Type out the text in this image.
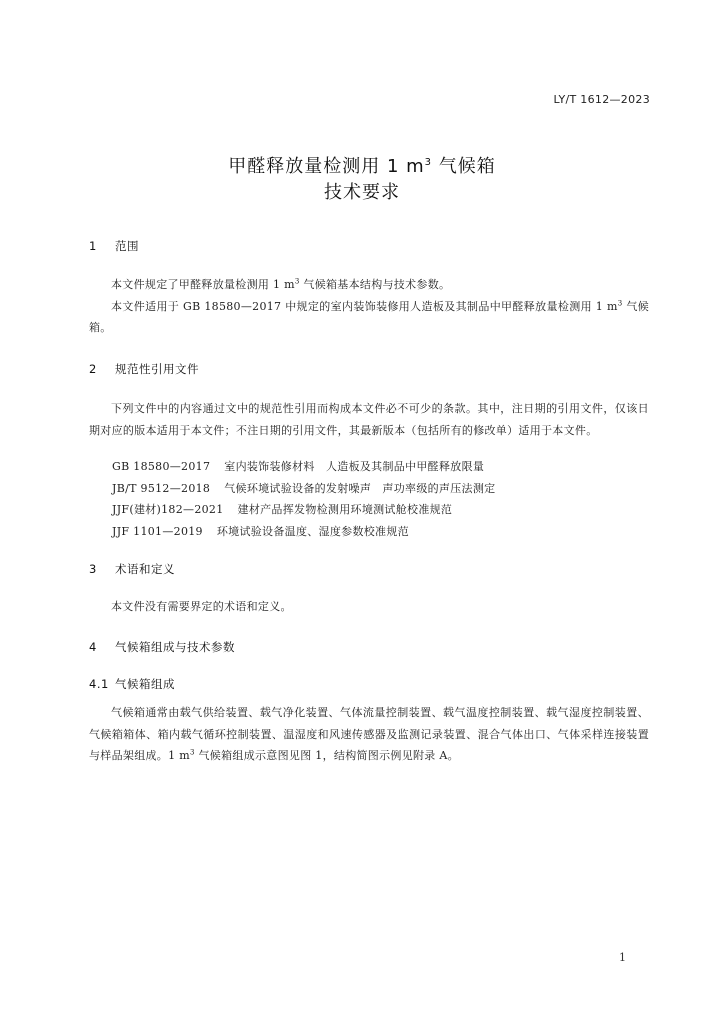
LY/T 1612—2023
甲醛释放量检测用 1 $m^3$ 气候箱
技术要求
1 范围

本文件规定了甲醛释放量检测用 1 $m^3$ 气候箱基本结构与技术参数。

本文件适用于 GB 18580—2017 中规定的室内装饰装修用人造板及其制品中甲醛释放量检测用 1 $m^3$ 气候箱。

2 规范性引用文件

下列文件中的内容通过文中的规范性引用而构成本文件必不可少的条款。其中，注日期的引用文件，仅该日期对应的版本适用于本文件；不注日期的引用文件，其最新版本（包括所有的修改单）适用于本文件。

GB 18580—2017 室内装饰装修材料　人造板及其制品中甲醛释放限量
JB/T 9512—2018 气候环境试验设备的发射噪声　声功率级的声压法测定
JJF(建材)182—2021 建材产品挥发物检测用环境测试舱校准规范
JJF 1101—2019 环境试验设备温度、湿度参数校准规范
3 术语和定义

本文件没有需要界定的术语和定义。

4 气候箱组成与技术参数
4.1 气候箱组成

气候箱通常由载气供给装置、载气净化装置、气体流量控制装置、载气温度控制装置、载气湿度控制装置、气候箱箱体、箱内载气循环控制装置、温湿度和风速传感器及监测记录装置、混合气体出口、气体采样连接装置与样品架组成。1 $m^3$ 气候箱组成示意图见图 1，结构简图示例见附录 A。

1
